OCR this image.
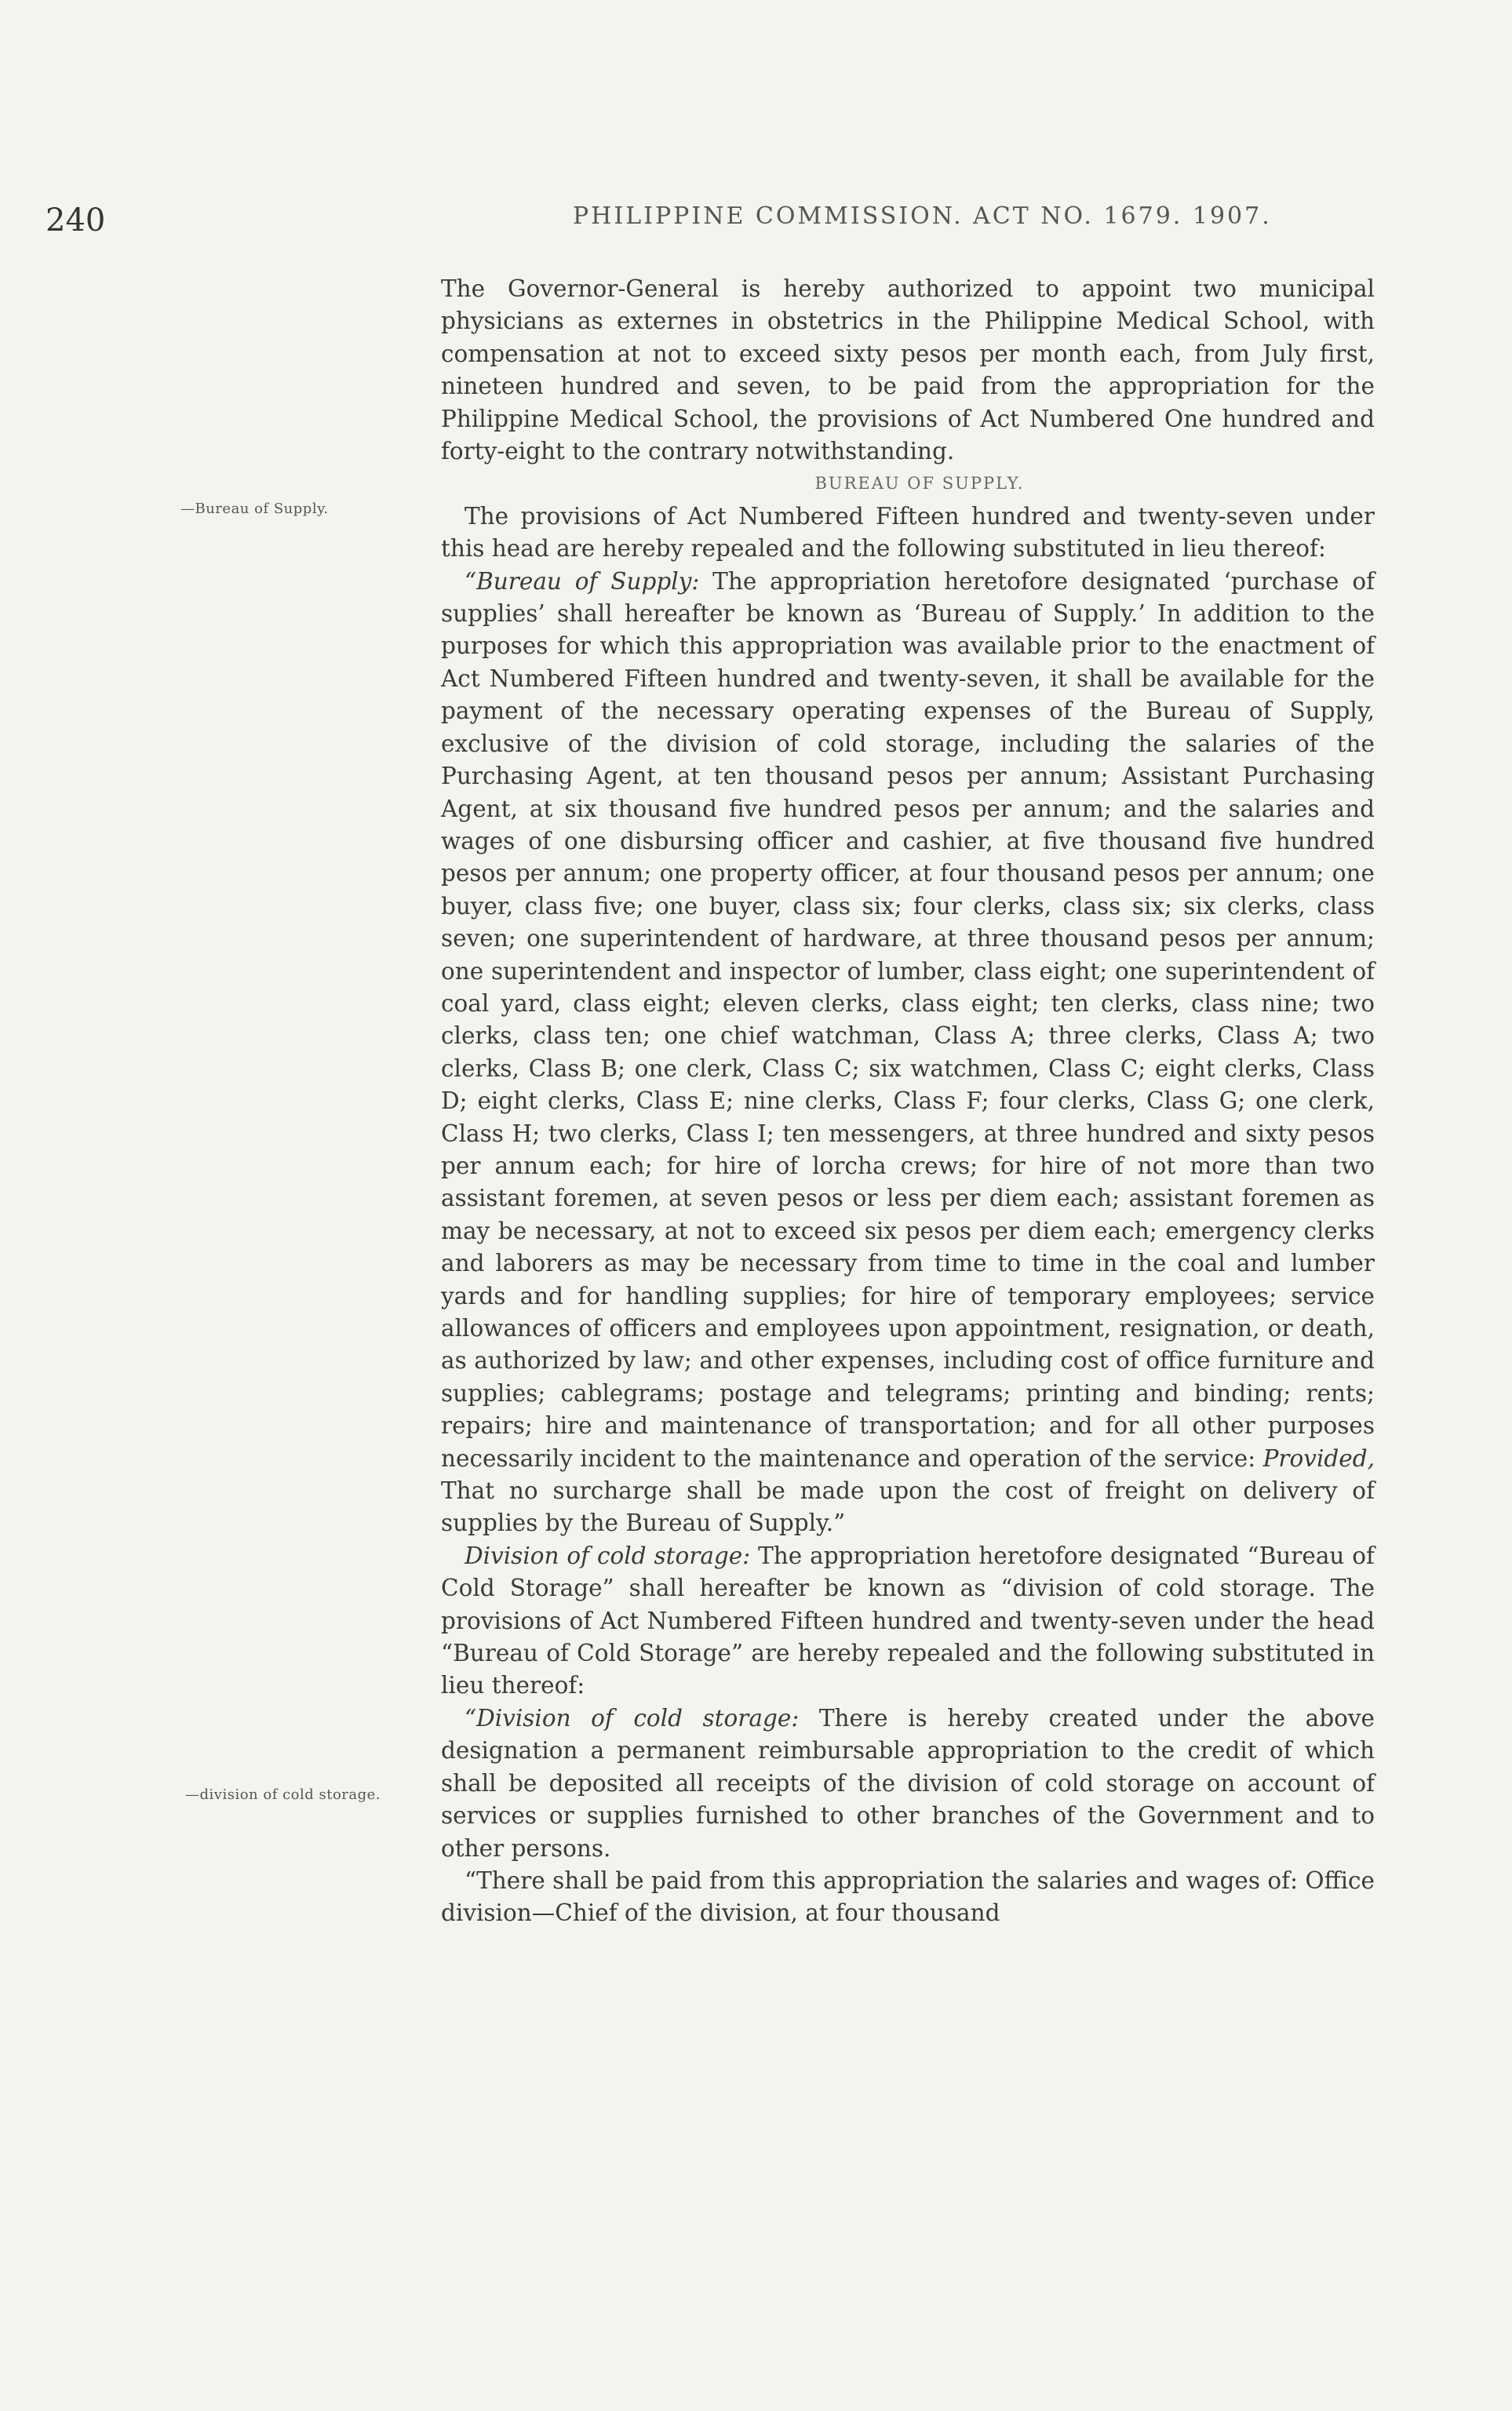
240	PHILIPPINE COMMISSION. ACT NO. 1679. 1907.
—Bureau of Supply.
—division of cold storage.

The Governor-General is hereby authorized to appoint two municipal physicians as externes in obstetrics in the Philippine Medical School, with compensation at not to exceed sixty pesos per month each, from July first, nineteen hundred and seven, to be paid from the appropriation for the Philippine Medical School, the provisions of Act Numbered One hundred and forty-eight to the contrary notwithstanding.

BUREAU OF SUPPLY.

The provisions of Act Numbered Fifteen hundred and twenty-seven under this head are hereby repealed and the following substituted in lieu thereof:

“Bureau of Supply: The appropriation heretofore designated ‘purchase of supplies’ shall hereafter be known as ‘Bureau of Supply.’ In addition to the purposes for which this appropriation was available prior to the enactment of Act Numbered Fifteen hundred and twenty-seven, it shall be available for the payment of the necessary operating expenses of the Bureau of Supply, exclusive of the division of cold storage, including the salaries of the Purchasing Agent, at ten thousand pesos per annum; Assistant Purchasing Agent, at six thousand five hundred pesos per annum; and the salaries and wages of one disbursing officer and cashier, at five thousand five hundred pesos per annum; one property officer, at four thousand pesos per annum; one buyer, class five; one buyer, class six; four clerks, class six; six clerks, class seven; one superintendent of hardware, at three thousand pesos per annum; one superintendent and inspector of lumber, class eight; one superintendent of coal yard, class eight; eleven clerks, class eight; ten clerks, class nine; two clerks, class ten; one chief watchman, Class A; three clerks, Class A; two clerks, Class B; one clerk, Class C; six watchmen, Class C; eight clerks, Class D; eight clerks, Class E; nine clerks, Class F; four clerks, Class G; one clerk, Class H; two clerks, Class I; ten messengers, at three hundred and sixty pesos per annum each; for hire of lorcha crews; for hire of not more than two assistant foremen, at seven pesos or less per diem each; assistant foremen as may be necessary, at not to exceed six pesos per diem each; emergency clerks and laborers as may be necessary from time to time in the coal and lumber yards and for handling supplies; for hire of temporary employees; service allowances of officers and employees upon appointment, resignation, or death, as authorized by law; and other expenses, including cost of office furniture and supplies; cablegrams; postage and telegrams; printing and binding; rents; repairs; hire and maintenance of transportation; and for all other purposes necessarily incident to the maintenance and operation of the service: Provided, That no surcharge shall be made upon the cost of freight on delivery of supplies by the Bureau of Supply.”

Division of cold storage: The appropriation heretofore designated “Bureau of Cold Storage” shall hereafter be known as “division of cold storage. The provisions of Act Numbered Fifteen hundred and twenty-seven under the head “Bureau of Cold Storage” are hereby repealed and the following substituted in lieu thereof:

“Division of cold storage: There is hereby created under the above designation a permanent reimbursable appropriation to the credit of which shall be deposited all receipts of the division of cold storage on account of services or supplies furnished to other branches of the Government and to other persons.

“There shall be paid from this appropriation the salaries and wages of: Office division—Chief of the division, at four thousand
